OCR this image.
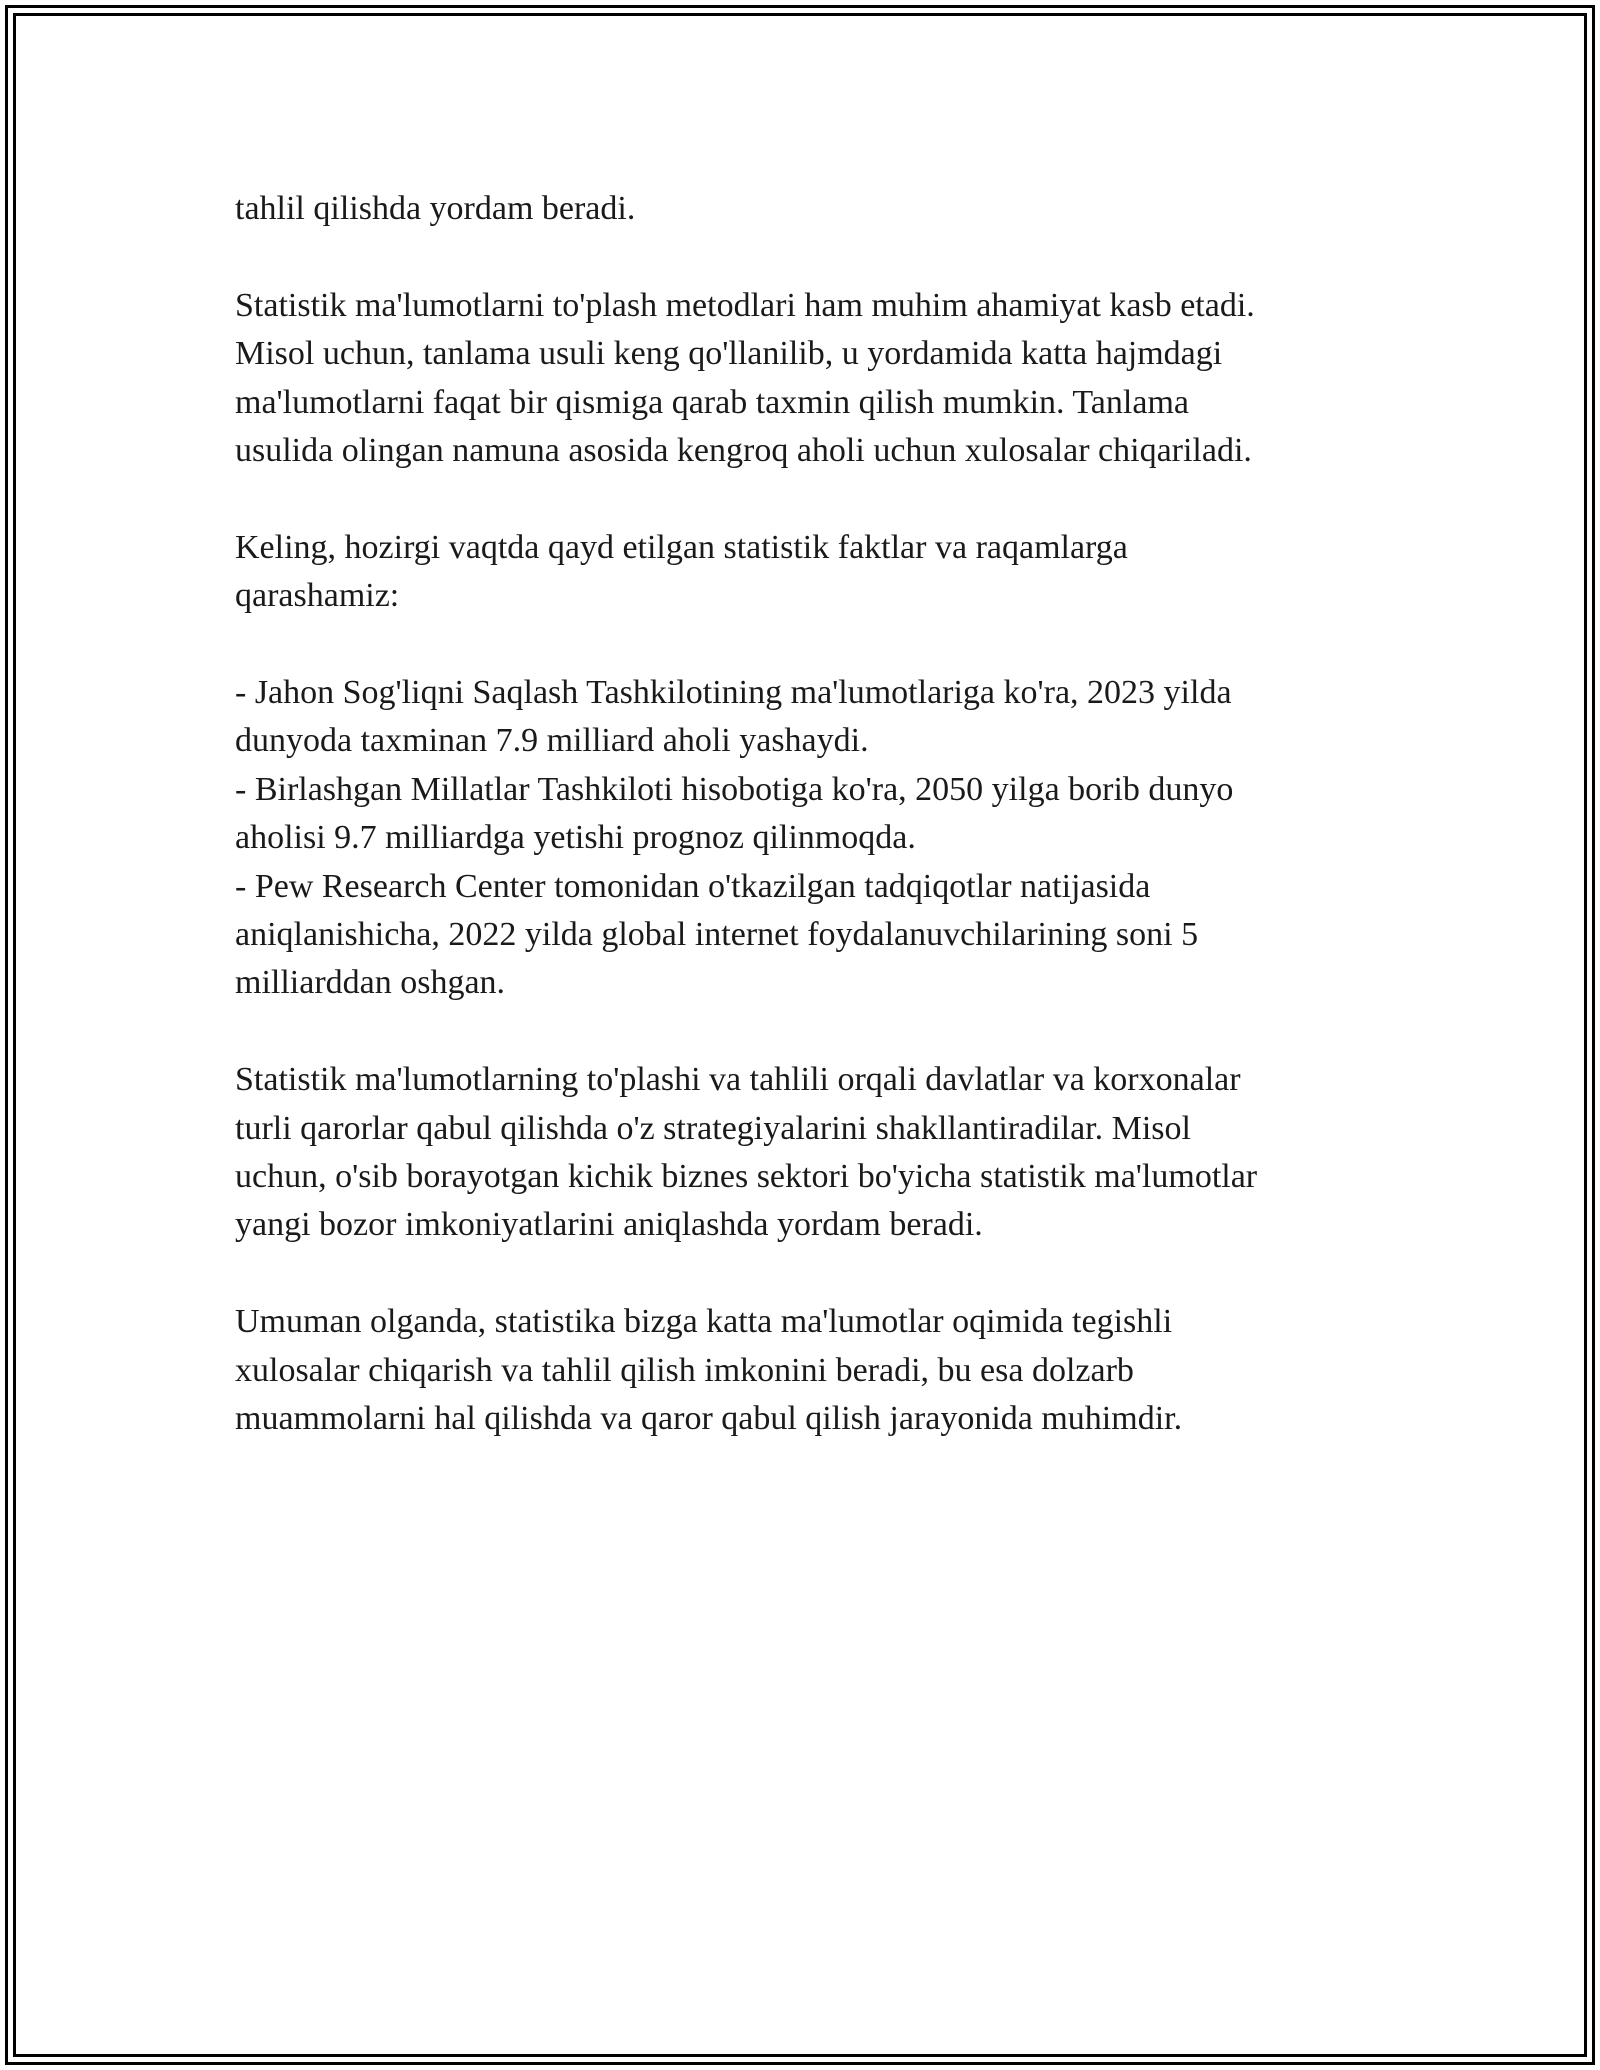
tahlil qilishda yordam beradi.
Statistik ma'lumotlarni to'plash metodlari ham muhim ahamiyat kasb etadi.
Misol uchun, tanlama usuli keng qo'llanilib, u yordamida katta hajmdagi
ma'lumotlarni faqat bir qismiga qarab taxmin qilish mumkin. Tanlama
usulida olingan namuna asosida kengroq aholi uchun xulosalar chiqariladi.
Keling, hozirgi vaqtda qayd etilgan statistik faktlar va raqamlarga
qarashamiz:
- Jahon Sog'liqni Saqlash Tashkilotining ma'lumotlariga ko'ra, 2023 yilda
dunyoda taxminan 7.9 milliard aholi yashaydi.
- Birlashgan Millatlar Tashkiloti hisobotiga ko'ra, 2050 yilga borib dunyo
aholisi 9.7 milliardga yetishi prognoz qilinmoqda.
- Pew Research Center tomonidan o'tkazilgan tadqiqotlar natijasida
aniqlanishicha, 2022 yilda global internet foydalanuvchilarining soni 5
milliarddan oshgan.
Statistik ma'lumotlarning to'plashi va tahlili orqali davlatlar va korxonalar
turli qarorlar qabul qilishda o'z strategiyalarini shakllantiradilar. Misol
uchun, o'sib borayotgan kichik biznes sektori bo'yicha statistik ma'lumotlar
yangi bozor imkoniyatlarini aniqlashda yordam beradi.
Umuman olganda, statistika bizga katta ma'lumotlar oqimida tegishli
xulosalar chiqarish va tahlil qilish imkonini beradi, bu esa dolzarb
muammolarni hal qilishda va qaror qabul qilish jarayonida muhimdir.
